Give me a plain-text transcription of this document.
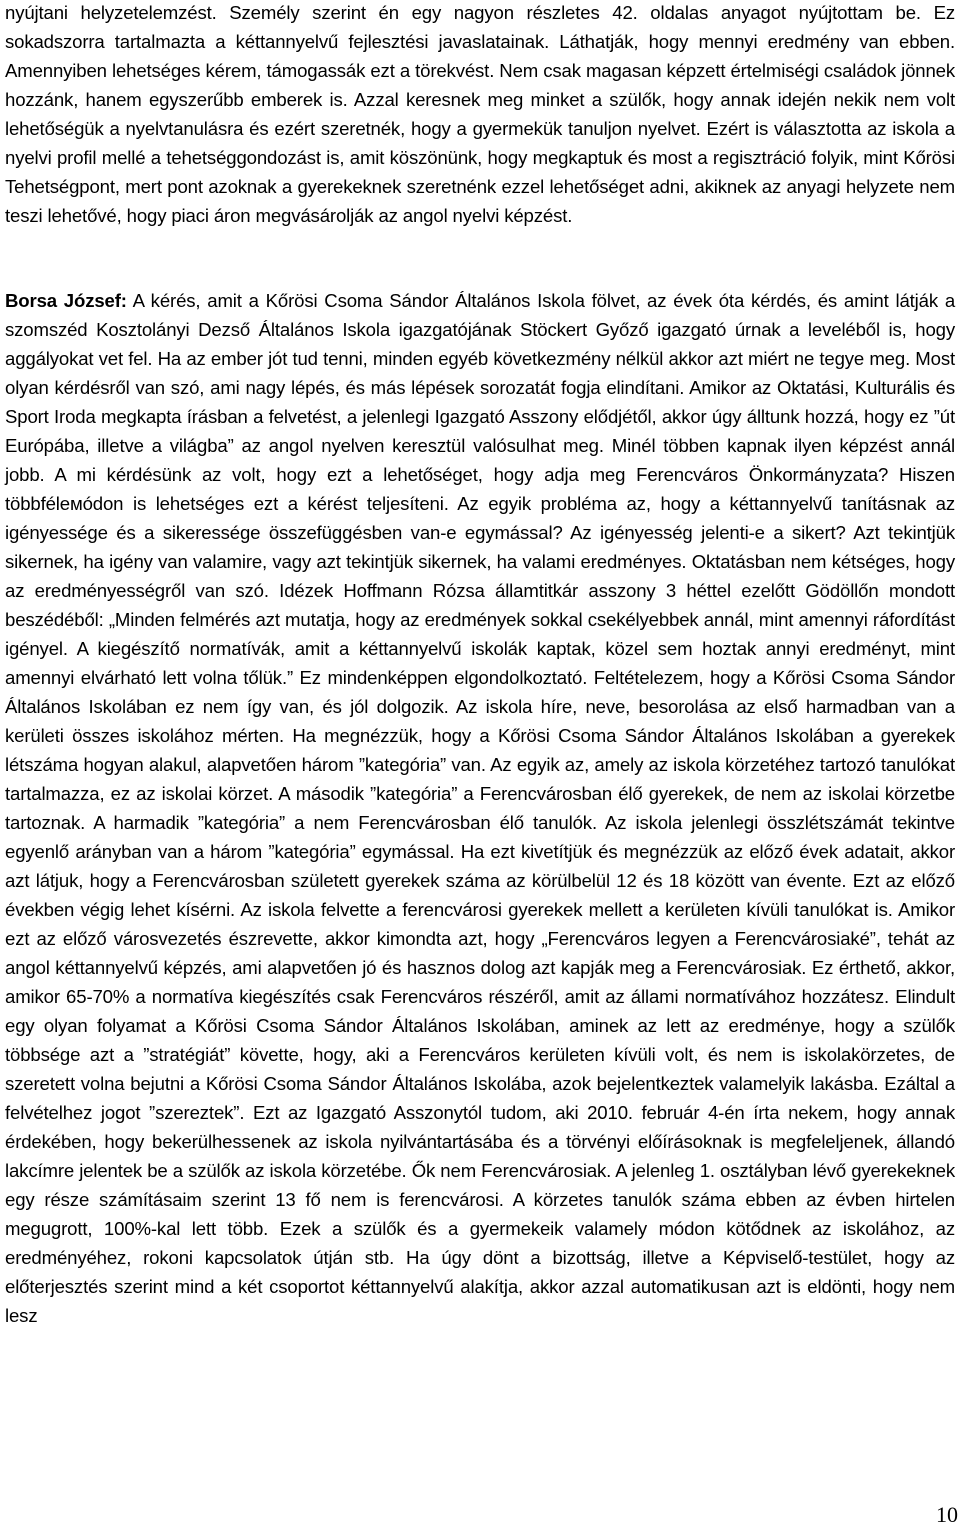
nyújtani helyzetelemzést. Személy szerint én egy nagyon részletes 42. oldalas anyagot nyújtottam be. Ez sokadszorra tartalmazta a kéttannyelvű fejlesztési javaslatainak. Láthatják, hogy mennyi eredmény van ebben. Amennyiben lehetséges kérem, támogassák ezt a törekvést. Nem csak magasan képzett értelmiségi családok jönnek hozzánk, hanem egyszerűbb emberek is. Azzal keresnek meg minket a szülők, hogy annak idején nekik nem volt lehetőségük a nyelvtanulásra és ezért szeretnék, hogy a gyermekük tanuljon nyelvet. Ezért is választotta az iskola a nyelvi profil mellé a tehetséggondozást is, amit köszönünk, hogy megkaptuk és most a regisztráció folyik, mint Kőrösi Tehetségpont, mert pont azoknak a gyerekeknek szeretnénk ezzel lehetőséget adni, akiknek az anyagi helyzete nem teszi lehetővé, hogy piaci áron megvásárolják az angol nyelvi képzést.

Borsa József: A kérés, amit a Kőrösi Csoma Sándor Általános Iskola fölvet, az évek óta kérdés, és amint látják a szomszéd Kosztolányi Dezső Általános Iskola igazgatójának Stöckert Győző igazgató úrnak a leveléből is, hogy aggályokat vet fel. Ha az ember jót tud tenni, minden egyéb következmény nélkül akkor azt miért ne tegye meg. Most olyan kérdésről van szó, ami nagy lépés, és más lépések sorozatát fogja elindítani. Amikor az Oktatási, Kulturális és Sport Iroda megkapta írásban a felvetést, a jelenlegi Igazgató Asszony elődjétől, akkor úgy álltunk hozzá, hogy ez ”út Európába, illetve a világba” az angol nyelven keresztül valósulhat meg. Minél többen kapnak ilyen képzést annál jobb. A mi kérdésünk az volt, hogy ezt a lehetőséget, hogy adja meg Ferencváros Önkormányzata? Hiszen többféleмódon is lehetséges ezt a kérést teljesíteni. Az egyik probléma az, hogy a kéttannyelvű tanításnak az igényessége és a sikeressége összefüggésben van-e egymással? Az igényesség jelenti-e a sikert? Azt tekintjük sikernek, ha igény van valamire, vagy azt tekintjük sikernek, ha valami eredményes. Oktatásban nem kétséges, hogy az eredményességről van szó. Idézek Hoffmann Rózsa államtitkár asszony 3 héttel ezelőtt Gödöllőn mondott beszédéből: „Minden felmérés azt mutatja, hogy az eredmények sokkal csekélyebbek annál, mint amennyi ráfordítást igényel. A kiegészítő normatívák, amit a kéttannyelvű iskolák kaptak, közel sem hoztak annyi eredményt, mint amennyi elvárható lett volna tőlük.” Ez mindenképpen elgondolkoztató. Feltételezem, hogy a Kőrösi Csoma Sándor Általános Iskolában ez nem így van, és jól dolgozik. Az iskola híre, neve, besorolása az első harmadban van a kerületi összes iskolához mérten. Ha megnézzük, hogy a Kőrösi Csoma Sándor Általános Iskolában a gyerekek létszáma hogyan alakul, alapvetően három ”kategória” van. Az egyik az, amely az iskola körzetéhez tartozó tanulókat tartalmazza, ez az iskolai körzet. A második ”kategória” a Ferencvárosban élő gyerekek, de nem az iskolai körzetbe tartoznak. A harmadik ”kategória” a nem Ferencvárosban élő tanulók. Az iskola jelenlegi összlétszámát tekintve egyenlő arányban van a három ”kategória” egymással. Ha ezt kivetítjük és megnézzük az előző évek adatait, akkor azt látjuk, hogy a Ferencvárosban született gyerekek száma az körülbelül 12 és 18 között van évente. Ezt az előző években végig lehet kísérni. Az iskola felvette a ferencvárosi gyerekek mellett a kerületen kívüli tanulókat is. Amikor ezt az előző városvezetés észrevette, akkor kimondta azt, hogy „Ferencváros legyen a Ferencvárosiaké”, tehát az angol kéttannyelvű képzés, ami alapvetően jó és hasznos dolog azt kapják meg a Ferencvárosiak. Ez érthető, akkor, amikor 65-70% a normatíva kiegészítés csak Ferencváros részéről, amit az állami normatívához hozzátesz. Elindult egy olyan folyamat a Kőrösi Csoma Sándor Általános Iskolában, aminek az lett az eredménye, hogy a szülők többsége azt a ”stratégiát” követte, hogy, aki a Ferencváros kerületen kívüli volt, és nem is iskolakörzetes, de szeretett volna bejutni a Kőrösi Csoma Sándor Általános Iskolába, azok bejelentkeztek valamelyik lakásba. Ezáltal a felvételhez jogot ”szereztek”. Ezt az Igazgató Asszonytól tudom, aki 2010. február 4-én írta nekem, hogy annak érdekében, hogy bekerülhessenek az iskola nyilvántartásába és a törvényi előírásoknak is megfeleljenek, állandó lakcímre jelentek be a szülők az iskola körzetébe. Ők nem Ferencvárosiak. A jelenleg 1. osztályban lévő gyerekeknek egy része számításaim szerint 13 fő nem is ferencvárosi. A körzetes tanulók száma ebben az évben hirtelen megugrott, 100%-kal lett több. Ezek a szülők és a gyermekeik valamely módon kötődnek az iskolához, az eredményéhez, rokoni kapcsolatok útján stb. Ha úgy dönt a bizottság, illetve a Képviselő-testület, hogy az előterjesztés szerint mind a két csoportot kéttannyelvű alakítja, akkor azzal automatikusan azt is eldönti, hogy nem lesz

10
